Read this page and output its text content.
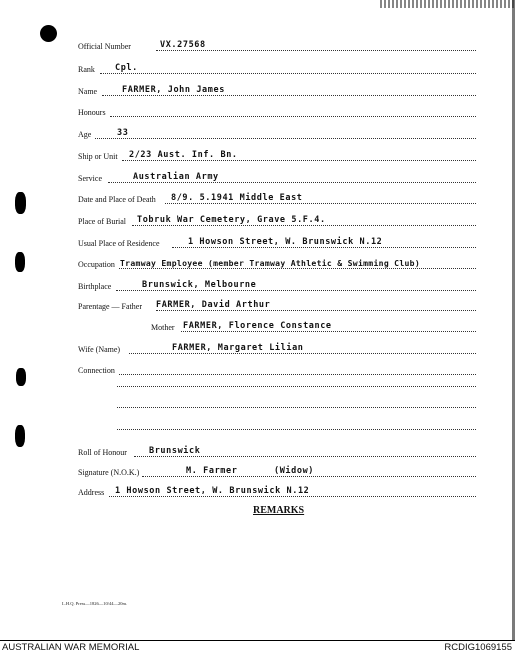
Official Number	VX.27568
Rank Cpl.
Name	FARMER, John James
Honours
Age	33
Ship or Unit 2/23 Aust. Inf. Bn.
Service	Australian Army
Date and Place of Death 8/9. 5.1941 Middle East
Place of Burial Tobruk War Cemetery, Grave 5.F.4.
Usual Place of Residence	1 Howson Street, W. Brunswick N.12
Occupation Tramway Employee (member Tramway Athletic & Swimming Club)
Birthplace	Brunswick, Melbourne
Parentage — Father FARMER, David Arthur
Mother FARMER, Florence Constance
Wife (Name)	FARMER, Margaret Lilian
Connection
Roll of Honour	Brunswick
Signature (N.O.K.)	M. Farmer	(Widow)
Address 1 Howson Street, W. Brunswick N.12
REMARKS
L.H.Q. Press—1826—10/44—20m.
AUSTRALIAN WAR MEMORIAL	RCDIG1069155
